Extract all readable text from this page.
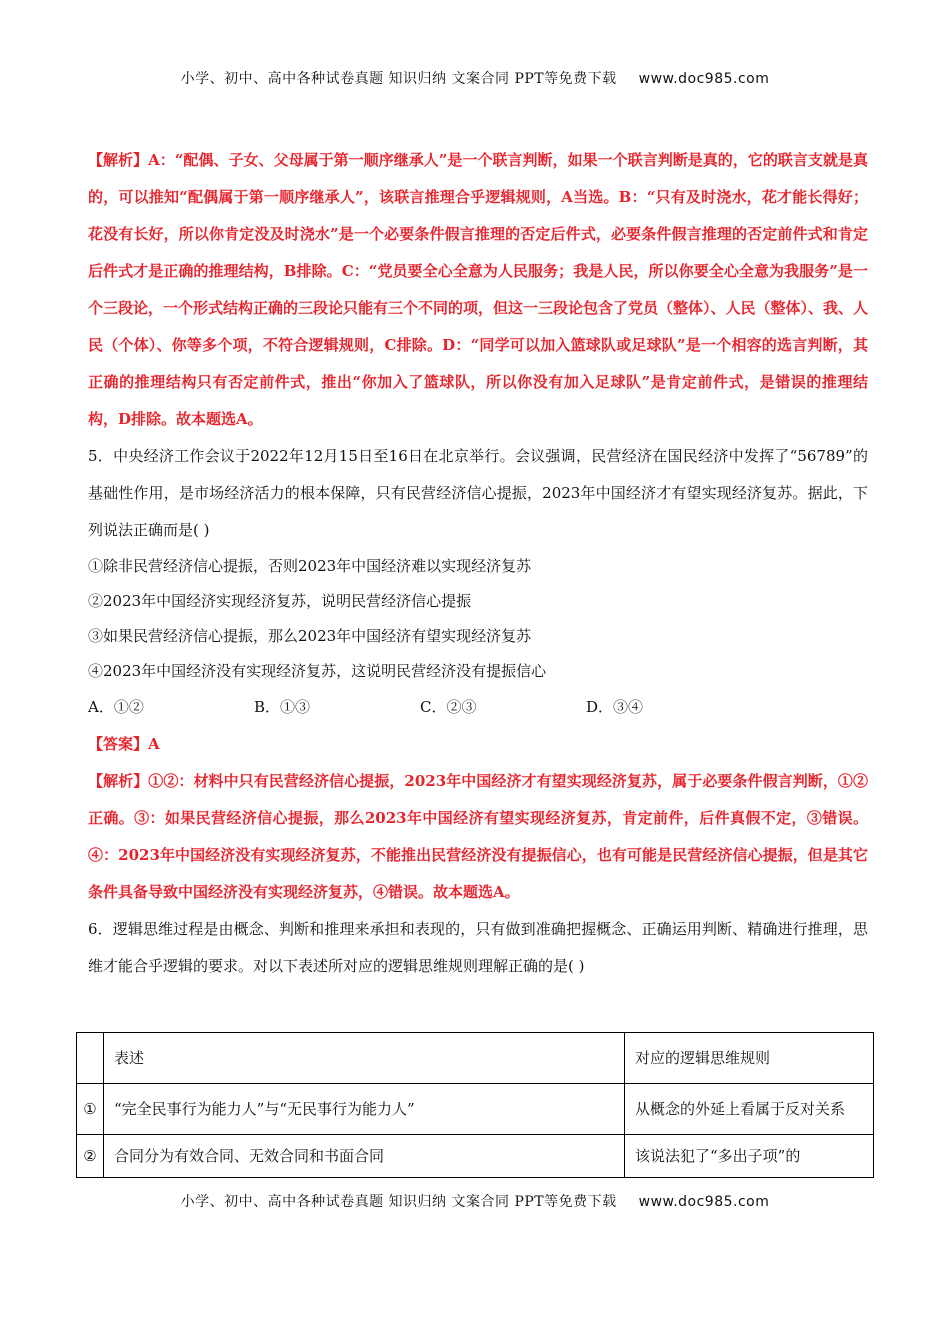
小学、初中、高中各种试卷真题 知识归纳 文案合同 PPT等免费下载 www.doc985.com

【解析】A：“配偶、子女、父母属于第一顺序继承人”是一个联言判断，如果一个联言判断是真的，它的联言支就是真的，可以推知“配偶属于第一顺序继承人”，该联言推理合乎逻辑规则，A当选。B：“只有及时浇水，花才能长得好；花没有长好，所以你肯定没及时浇水”是一个必要条件假言推理的否定后件式，必要条件假言推理的否定前件式和肯定后件式才是正确的推理结构，B排除。C：“党员要全心全意为人民服务；我是人民，所以你要全心全意为我服务”是一个三段论，一个形式结构正确的三段论只能有三个不同的项，但这一三段论包含了党员（整体）、人民（整体）、我、人民（个体）、你等多个项，不符合逻辑规则，C排除。D：“同学可以加入篮球队或足球队”是一个相容的选言判断，其正确的推理结构只有否定前件式，推出“你加入了篮球队，所以你没有加入足球队”是肯定前件式，是错误的推理结构，D排除。故本题选A。

5．中央经济工作会议于2022年12月15日至16日在北京举行。会议强调，民营经济在国民经济中发挥了“56789”的基础性作用，是市场经济活力的根本保障，只有民营经济信心提振，2023年中国经济才有望实现经济复苏。据此，下列说法正确而是( )

①除非民营经济信心提振，否则2023年中国经济难以实现经济复苏

②2023年中国经济实现经济复苏，说明民营经济信心提振

③如果民营经济信心提振，那么2023年中国经济有望实现经济复苏

④2023年中国经济没有实现经济复苏，这说明民营经济没有提振信心

A．①②	B．①③	C．②③	D．③④

【答案】A

【解析】①②：材料中只有民营经济信心提振，2023年中国经济才有望实现经济复苏，属于必要条件假言判断，①②正确。③：如果民营经济信心提振，那么2023年中国经济有望实现经济复苏，肯定前件，后件真假不定，③错误。④：2023年中国经济没有实现经济复苏，不能推出民营经济没有提振信心，也有可能是民营经济信心提振，但是其它条件具备导致中国经济没有实现经济复苏，④错误。故本题选A。

6．逻辑思维过程是由概念、判断和推理来承担和表现的，只有做到准确把握概念、正确运用判断、精确进行推理，思维才能合乎逻辑的要求。对以下表述所对应的逻辑思维规则理解正确的是( )

	表述	对应的逻辑思维规则
①	“完全民事行为能力人”与“无民事行为能力人”	从概念的外延上看属于反对关系
②	合同分为有效合同、无效合同和书面合同	该说法犯了“多出子项”的
小学、初中、高中各种试卷真题 知识归纳 文案合同 PPT等免费下载 www.doc985.com
